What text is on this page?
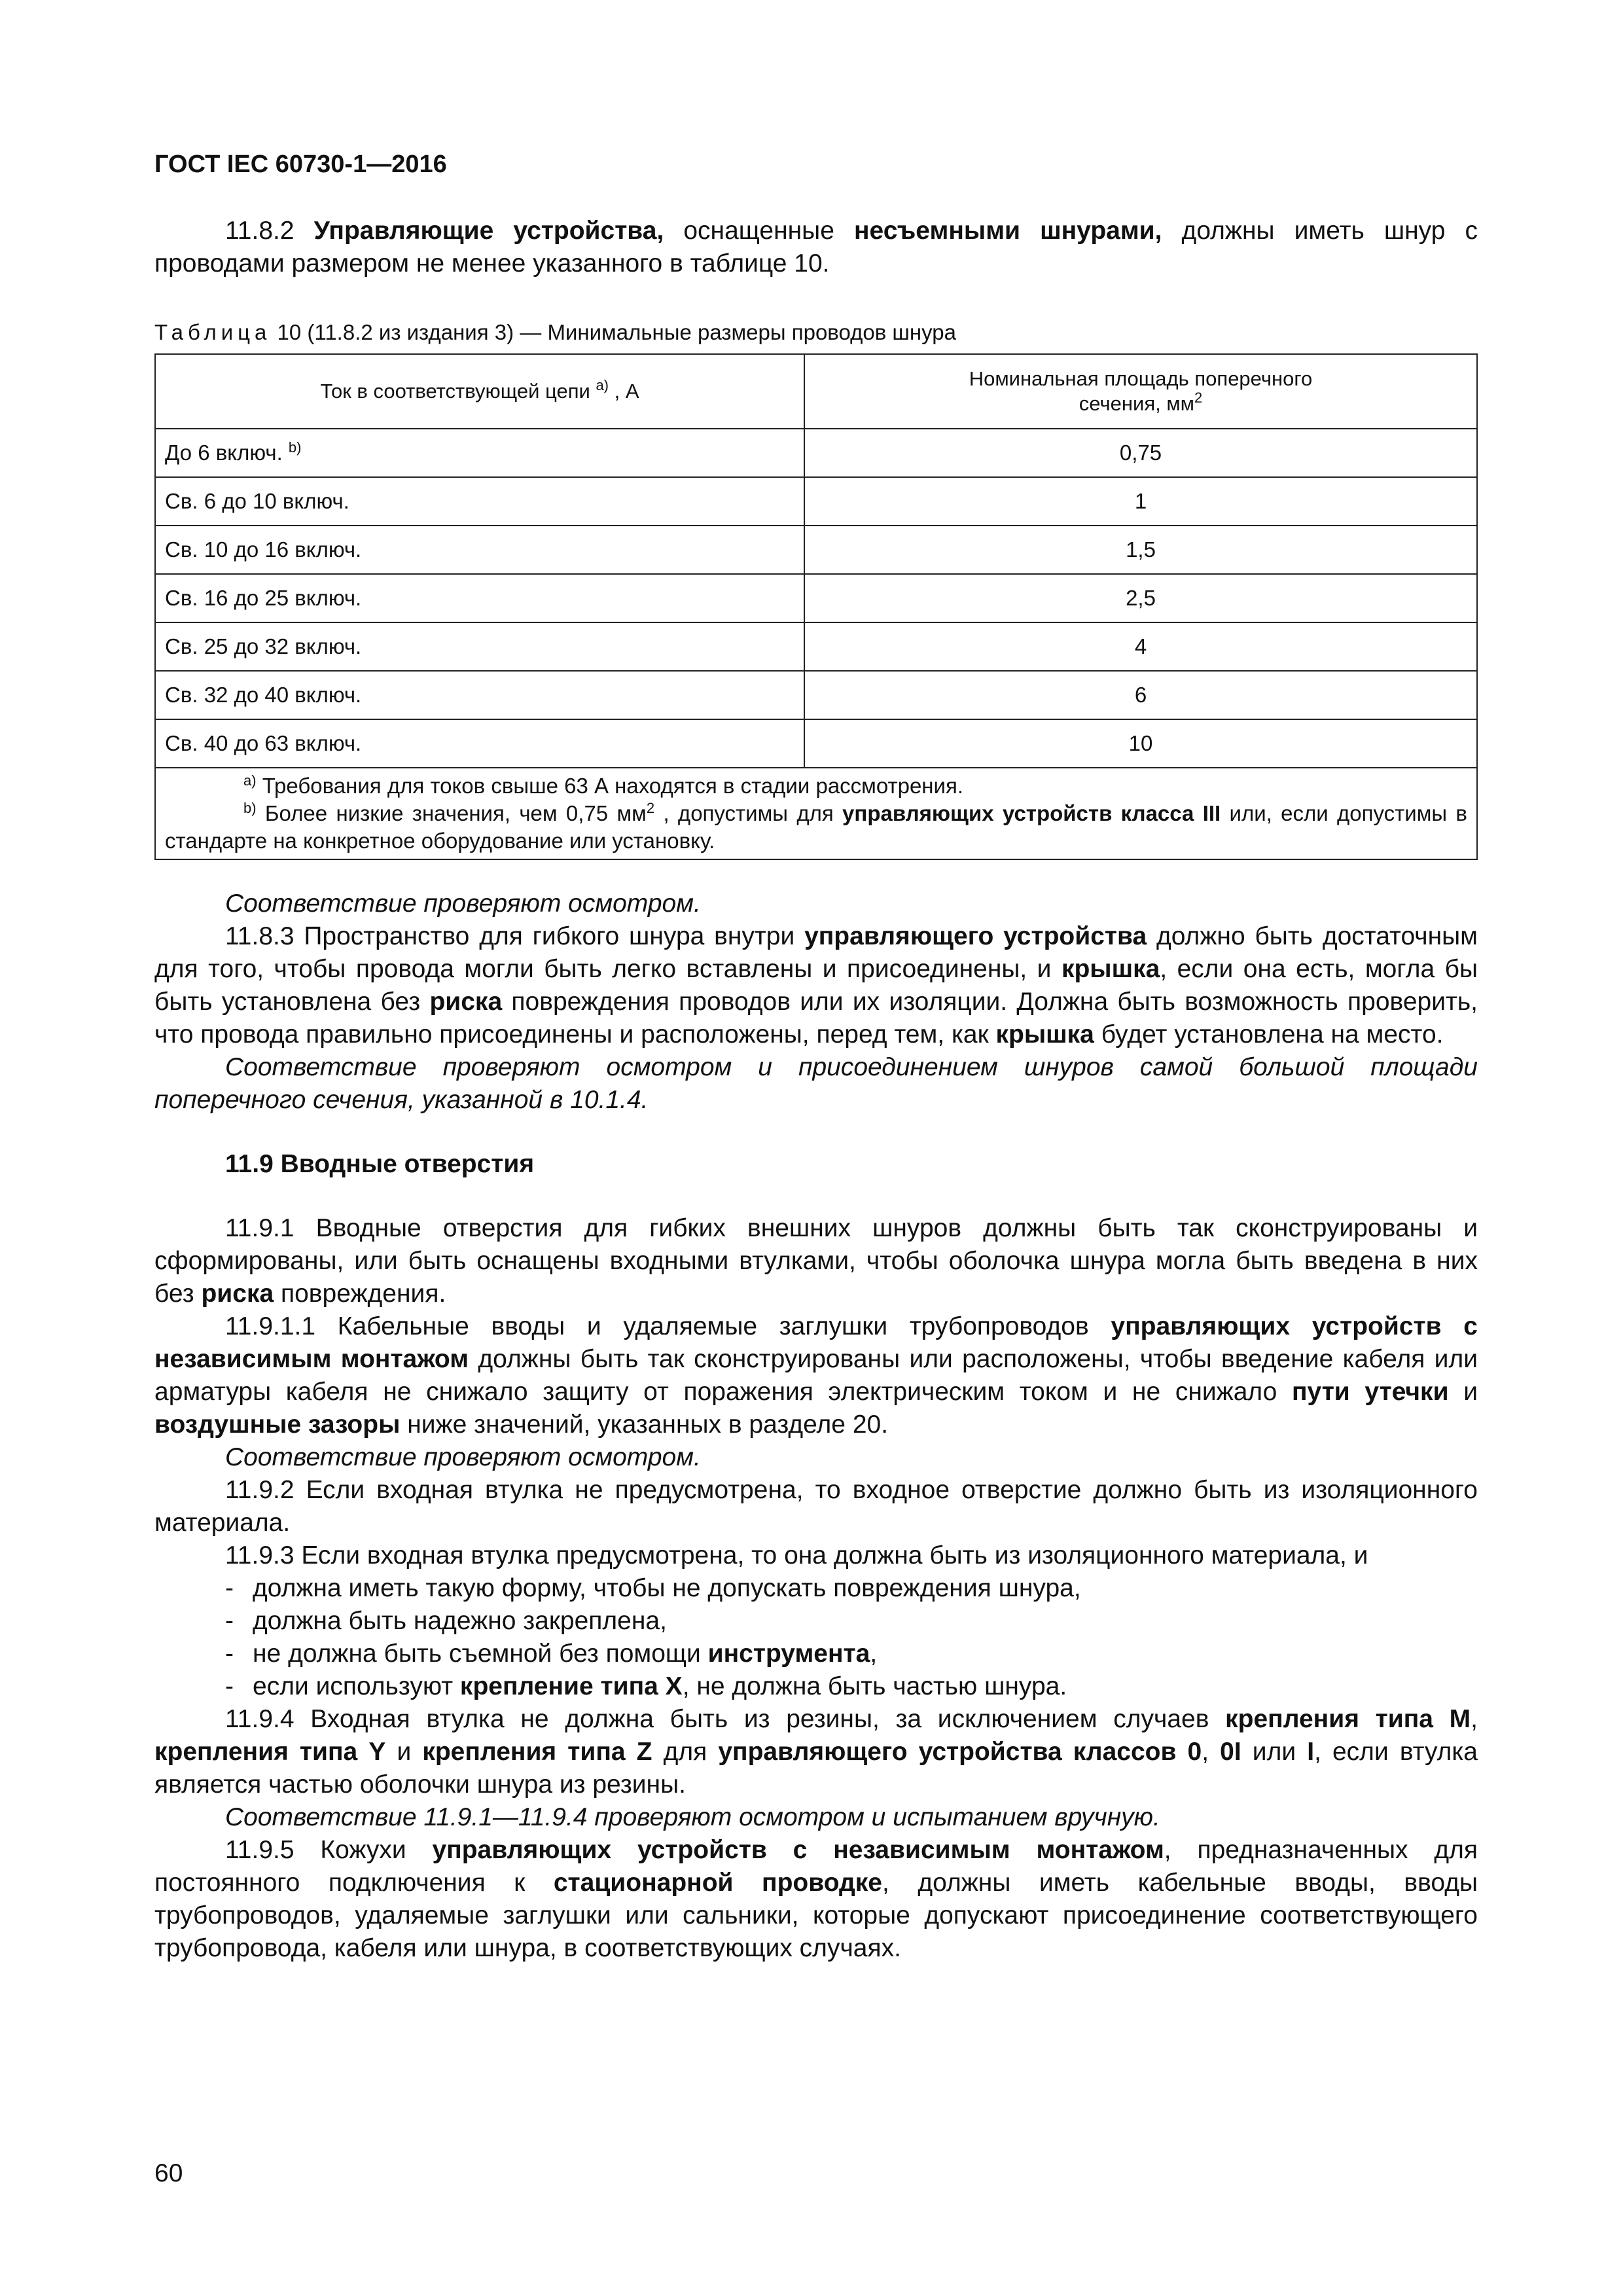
ГОСТ IEC 60730-1—2016

11.8.2 Управляющие устройства, оснащенные несъемными шнурами, должны иметь шнур с проводами размером не менее указанного в таблице 10.

Таблица 10 (11.8.2 из издания 3) — Минимальные размеры проводов шнура
Ток в соответствующей цепи $^{a)}$ , А	Номинальная площадь поперечного
сечения, $мм^2$
До 6 включ. $^{b)}$	0,75
Св. 6 до 10 включ.	1
Св. 10 до 16 включ.	1,5
Св. 16 до 25 включ.	2,5
Св. 25 до 32 включ.	4
Св. 32 до 40 включ.	6
Св. 40 до 63 включ.	10

$^{a)}$ Требования для токов свыше 63 А находятся в стадии рассмотрения.

$^{b)}$ Более низкие значения, чем 0,75 $мм^2$ , допустимы для управляющих устройств класса III или, если допустимы в стандарте на конкретное оборудование или установку.	

Соответствие проверяют осмотром.

11.8.3 Пространство для гибкого шнура внутри управляющего устройства должно быть достаточным для того, чтобы провода могли быть легко вставлены и присоединены, и крышка, если она есть, могла бы быть установлена без риска повреждения проводов или их изоляции. Должна быть возможность проверить, что провода правильно присоединены и расположены, перед тем, как крышка будет установлена на место.

Соответствие проверяют осмотром и присоединением шнуров самой большой площади поперечного сечения, указанной в 10.1.4.

11.9 Вводные отверстия

11.9.1 Вводные отверстия для гибких внешних шнуров должны быть так сконструированы и сформированы, или быть оснащены входными втулками, чтобы оболочка шнура могла быть введена в них без риска повреждения.

11.9.1.1 Кабельные вводы и удаляемые заглушки трубопроводов управляющих устройств с независимым монтажом должны быть так сконструированы или расположены, чтобы введение кабеля или арматуры кабеля не снижало защиту от поражения электрическим током и не снижало пути утечки и воздушные зазоры ниже значений, указанных в разделе 20.

Соответствие проверяют осмотром.

11.9.2 Если входная втулка не предусмотрена, то входное отверстие должно быть из изоляционного материала.

11.9.3 Если входная втулка предусмотрена, то она должна быть из изоляционного материала, и

- должна иметь такую форму, чтобы не допускать повреждения шнура,
- должна быть надежно закреплена,
- не должна быть съемной без помощи инструмента,
- если используют крепление типа X, не должна быть частью шнура.

11.9.4 Входная втулка не должна быть из резины, за исключением случаев крепления типа M, крепления типа Y и крепления типа Z для управляющего устройства классов 0, 0I или I, если втулка является частью оболочки шнура из резины.

Соответствие 11.9.1—11.9.4 проверяют осмотром и испытанием вручную.

11.9.5 Кожухи управляющих устройств с независимым монтажом, предназначенных для постоянного подключения к стационарной проводке, должны иметь кабельные вводы, вводы трубопроводов, удаляемые заглушки или сальники, которые допускают присоединение соответствующего трубопровода, кабеля или шнура, в соответствующих случаях.

60
